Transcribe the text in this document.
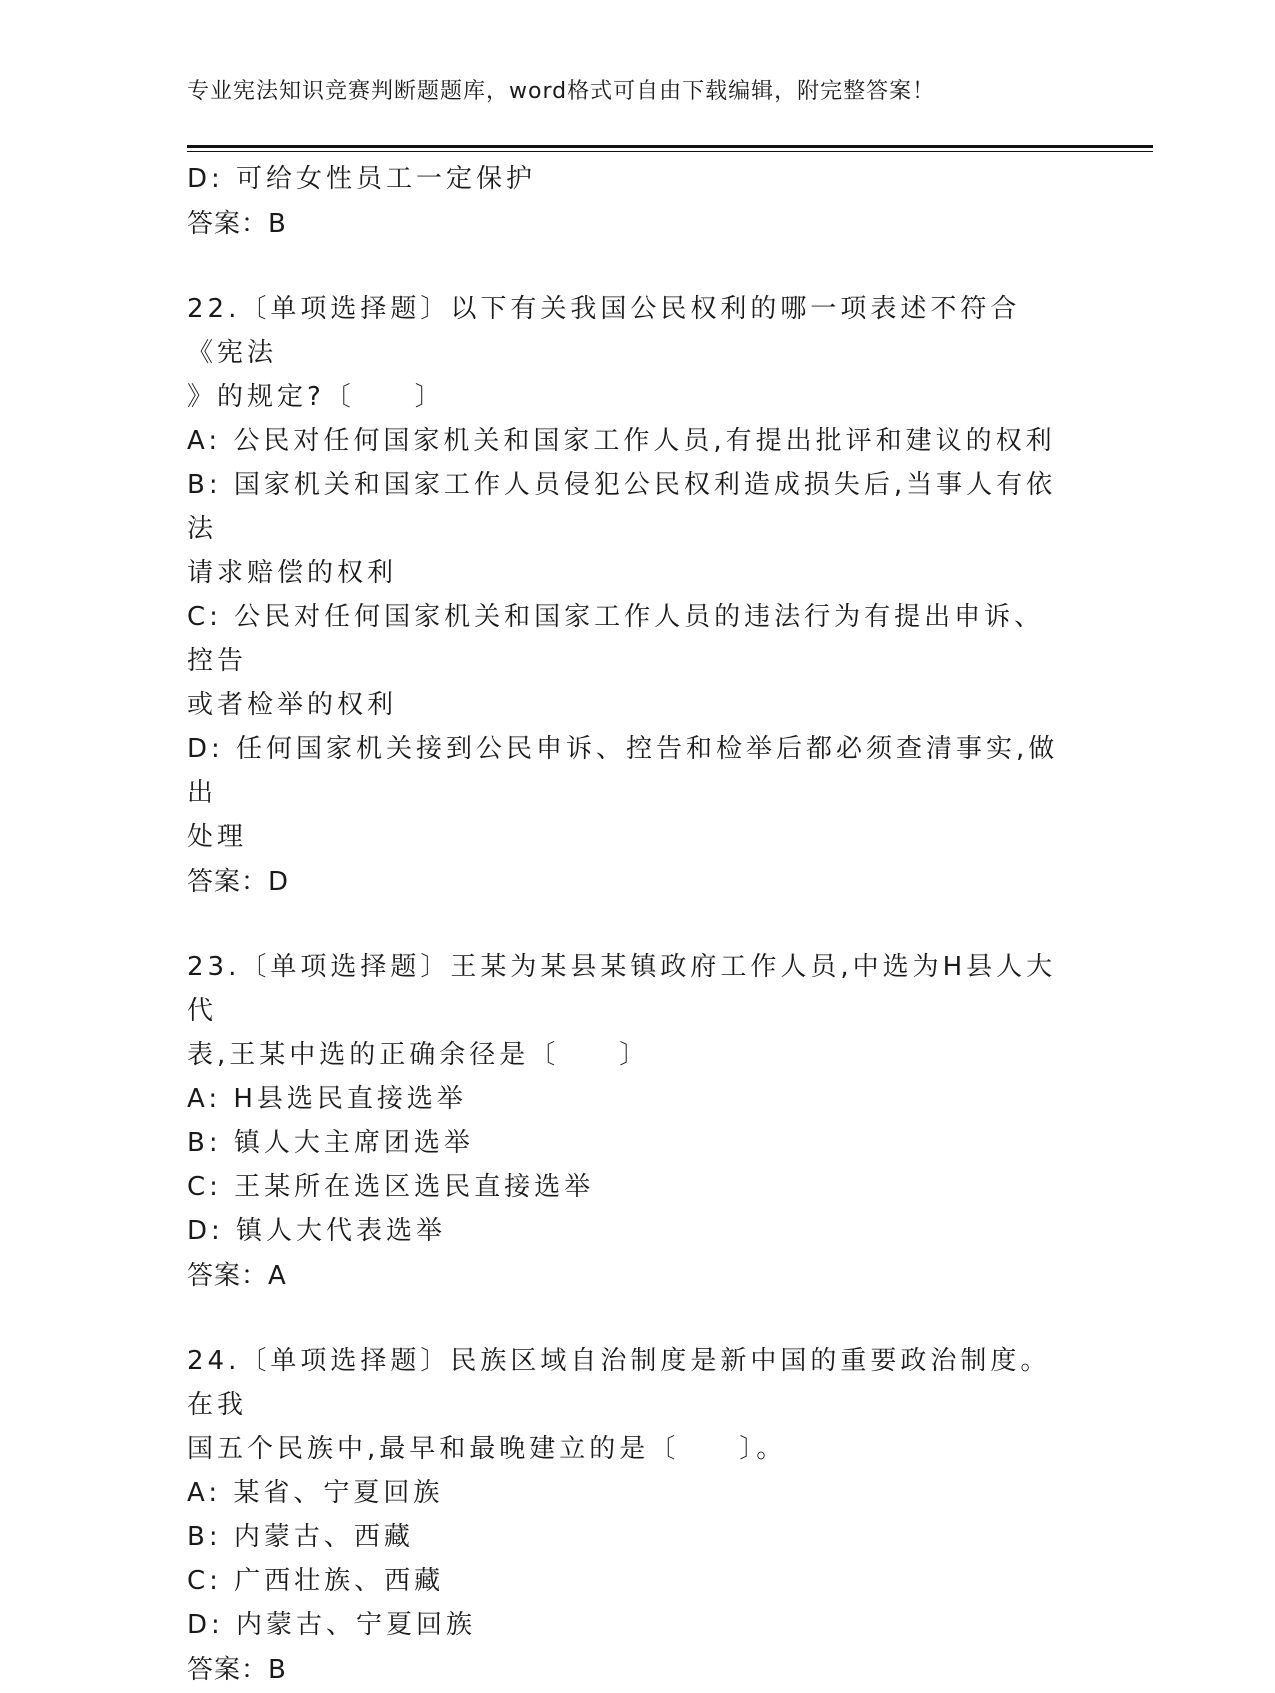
专业宪法知识竞赛判断题题库，word格式可自由下载编辑，附完整答案！
D: 可给女性员工一定保护
答案：B
22.〔单项选择题〕以下有关我国公民权利的哪一项表述不符合《宪法
》的规定?〔　　〕
A: 公民对任何国家机关和国家工作人员,有提出批评和建议的权利
B: 国家机关和国家工作人员侵犯公民权利造成损失后,当事人有依法
请求赔偿的权利
C: 公民对任何国家机关和国家工作人员的违法行为有提出申诉、控告
或者检举的权利
D: 任何国家机关接到公民申诉、控告和检举后都必须查清事实,做出
处理
答案：D
23.〔单项选择题〕王某为某县某镇政府工作人员,中选为H县人大代
表,王某中选的正确余径是〔　　〕
A: H县选民直接选举
B: 镇人大主席团选举
C: 王某所在选区选民直接选举
D: 镇人大代表选举
答案：A
24.〔单项选择题〕民族区域自治制度是新中国的重要政治制度。在我
国五个民族中,最早和最晚建立的是〔　　〕。
A: 某省、宁夏回族
B: 内蒙古、西藏
C: 广西壮族、西藏
D: 内蒙古、宁夏回族
答案：B
